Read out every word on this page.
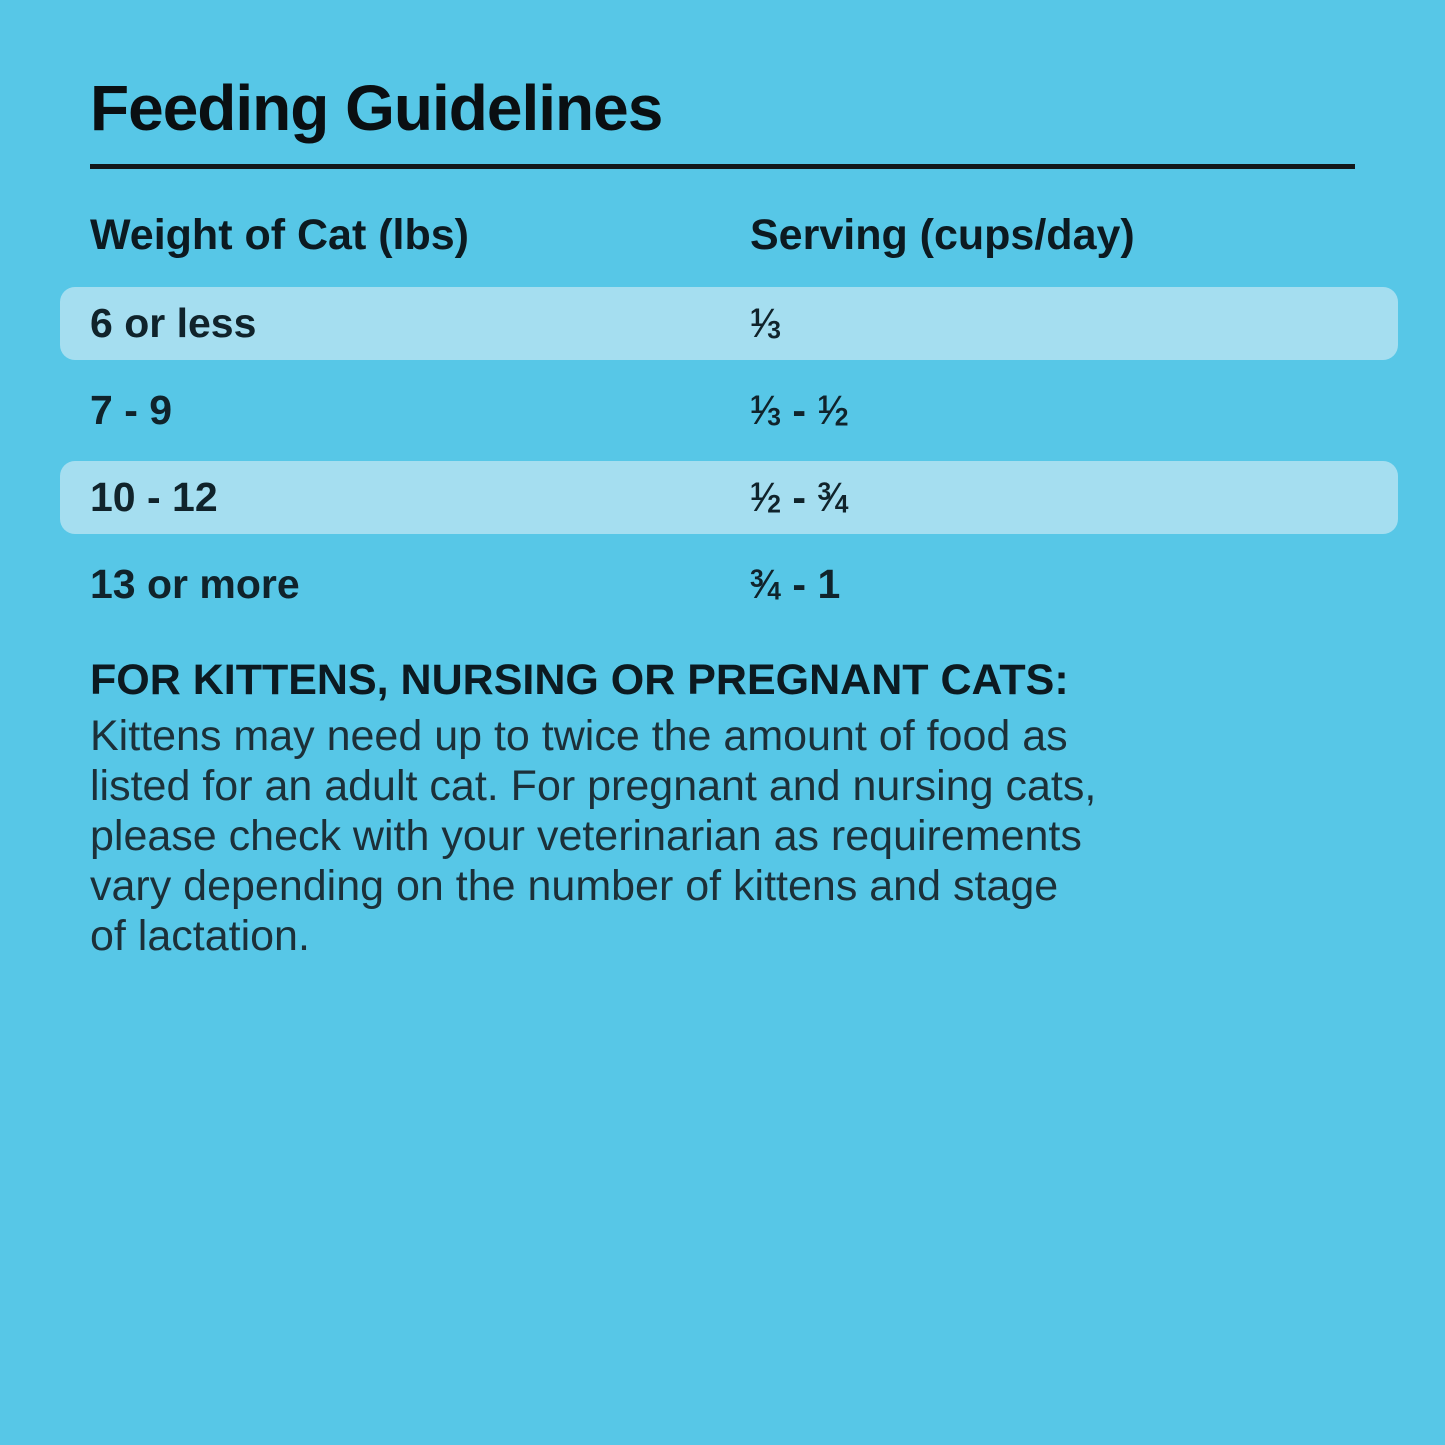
Feeding Guidelines
Weight of Cat (lbs)	Serving (cups/day)
6 or less	$^1$⁄3
7 - 9	$^1$⁄3 - $^1$⁄2
10 - 12	$^1$⁄2 - $^3$⁄4
13 or more	$^3$⁄4 - 1

FOR KITTENS, NURSING OR PREGNANT CATS:

Kittens may need up to twice the amount of food as
listed for an adult cat. For pregnant and nursing cats,
please check with your veterinarian as requirements
vary depending on the number of kittens and stage
of lactation.
